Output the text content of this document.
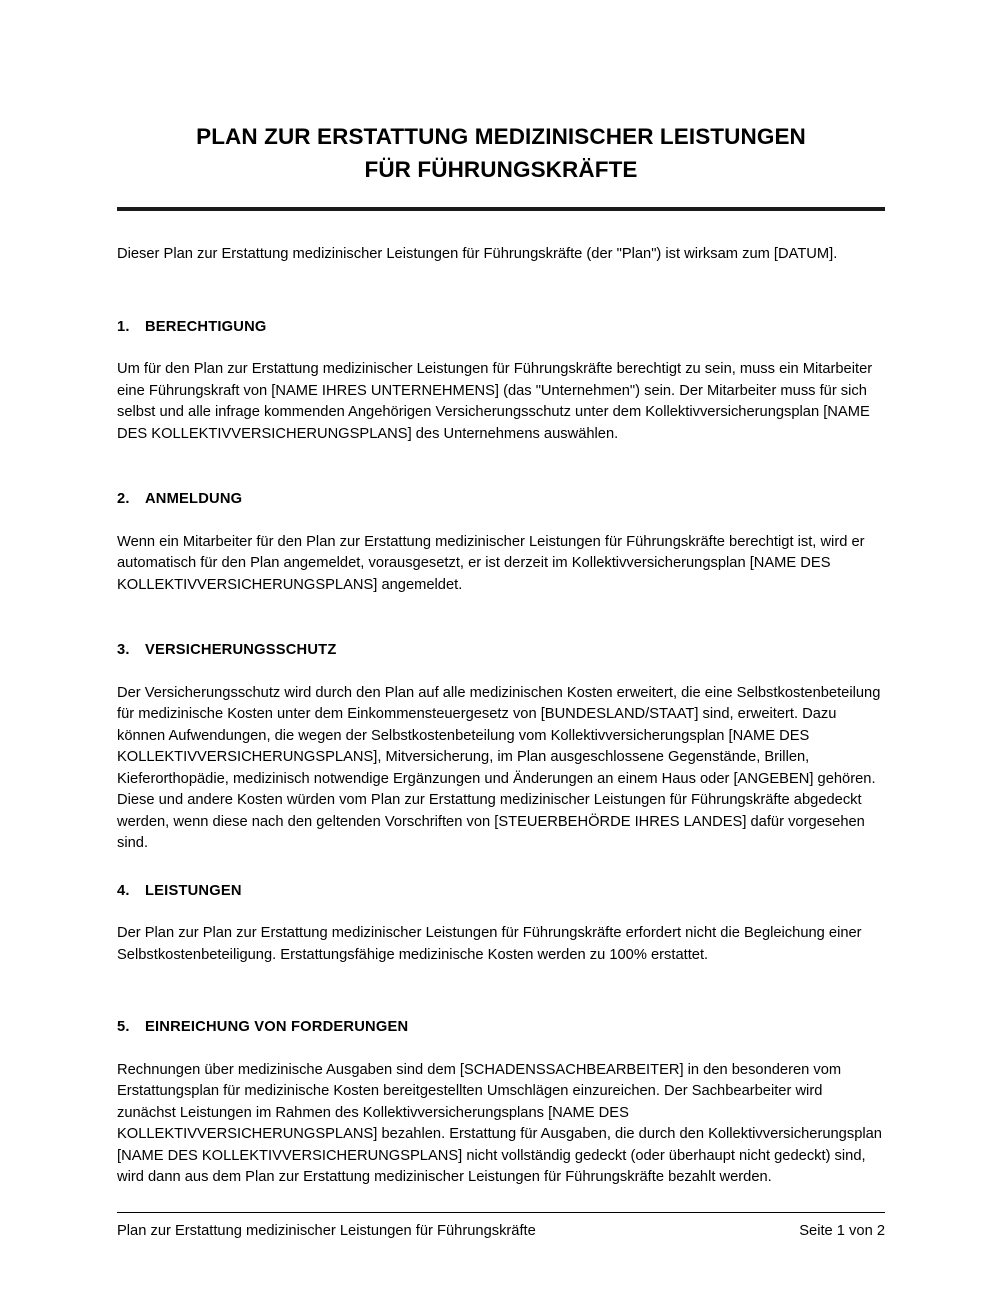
PLAN ZUR ERSTATTUNG MEDIZINISCHER LEISTUNGEN
FÜR FÜHRUNGSKRÄFTE

Dieser Plan zur Erstattung medizinischer Leistungen für Führungskräfte (der "Plan") ist wirksam zum [DATUM].

1. BERECHTIGUNG

Um für den Plan zur Erstattung medizinischer Leistungen für Führungskräfte berechtigt zu sein, muss ein Mitarbeiter eine Führungskraft von [NAME IHRES UNTERNEHMENS] (das "Unternehmen") sein. Der Mitarbeiter muss für sich selbst und alle infrage kommenden Angehörigen Versicherungsschutz unter dem Kollektivversicherungsplan [NAME DES KOLLEKTIVVERSICHERUNGSPLANS] des Unternehmens auswählen.

2. ANMELDUNG

Wenn ein Mitarbeiter für den Plan zur Erstattung medizinischer Leistungen für Führungskräfte berechtigt ist, wird er automatisch für den Plan angemeldet, vorausgesetzt, er ist derzeit im Kollektivversicherungsplan [NAME DES KOLLEKTIVVERSICHERUNGSPLANS] angemeldet.

3. VERSICHERUNGSSCHUTZ

Der Versicherungsschutz wird durch den Plan auf alle medizinischen Kosten erweitert, die eine Selbstkostenbeteilung für medizinische Kosten unter dem Einkommensteuergesetz von [BUNDESLAND/STAAT] sind, erweitert. Dazu können Aufwendungen, die wegen der Selbstkostenbeteilung vom Kollektivversicherungsplan [NAME DES KOLLEKTIVVERSICHERUNGSPLANS], Mitversicherung, im Plan ausgeschlossene Gegenstände, Brillen, Kieferorthopädie, medizinisch notwendige Ergänzungen und Änderungen an einem Haus oder [ANGEBEN] gehören. Diese und andere Kosten würden vom Plan zur Erstattung medizinischer Leistungen für Führungskräfte abgedeckt werden, wenn diese nach den geltenden Vorschriften von [STEUERBEHÖRDE IHRES LANDES] dafür vorgesehen sind.

4. LEISTUNGEN

Der Plan zur Plan zur Erstattung medizinischer Leistungen für Führungskräfte erfordert nicht die Begleichung einer Selbstkostenbeteiligung. Erstattungsfähige medizinische Kosten werden zu 100% erstattet.

5. EINREICHUNG VON FORDERUNGEN

Rechnungen über medizinische Ausgaben sind dem [SCHADENSSACHBEARBEITER] in den besonderen vom Erstattungsplan für medizinische Kosten bereitgestellten Umschlägen einzureichen. Der Sachbearbeiter wird zunächst Leistungen im Rahmen des Kollektivversicherungsplans [NAME DES KOLLEKTIVVERSICHERUNGSPLANS] bezahlen. Erstattung für Ausgaben, die durch den Kollektivversicherungsplan [NAME DES KOLLEKTIVVERSICHERUNGSPLANS] nicht vollständig gedeckt (oder überhaupt nicht gedeckt) sind, wird dann aus dem Plan zur Erstattung medizinischer Leistungen für Führungskräfte bezahlt werden.

Plan zur Erstattung medizinischer Leistungen für Führungskräfte	Seite 1 von 2
